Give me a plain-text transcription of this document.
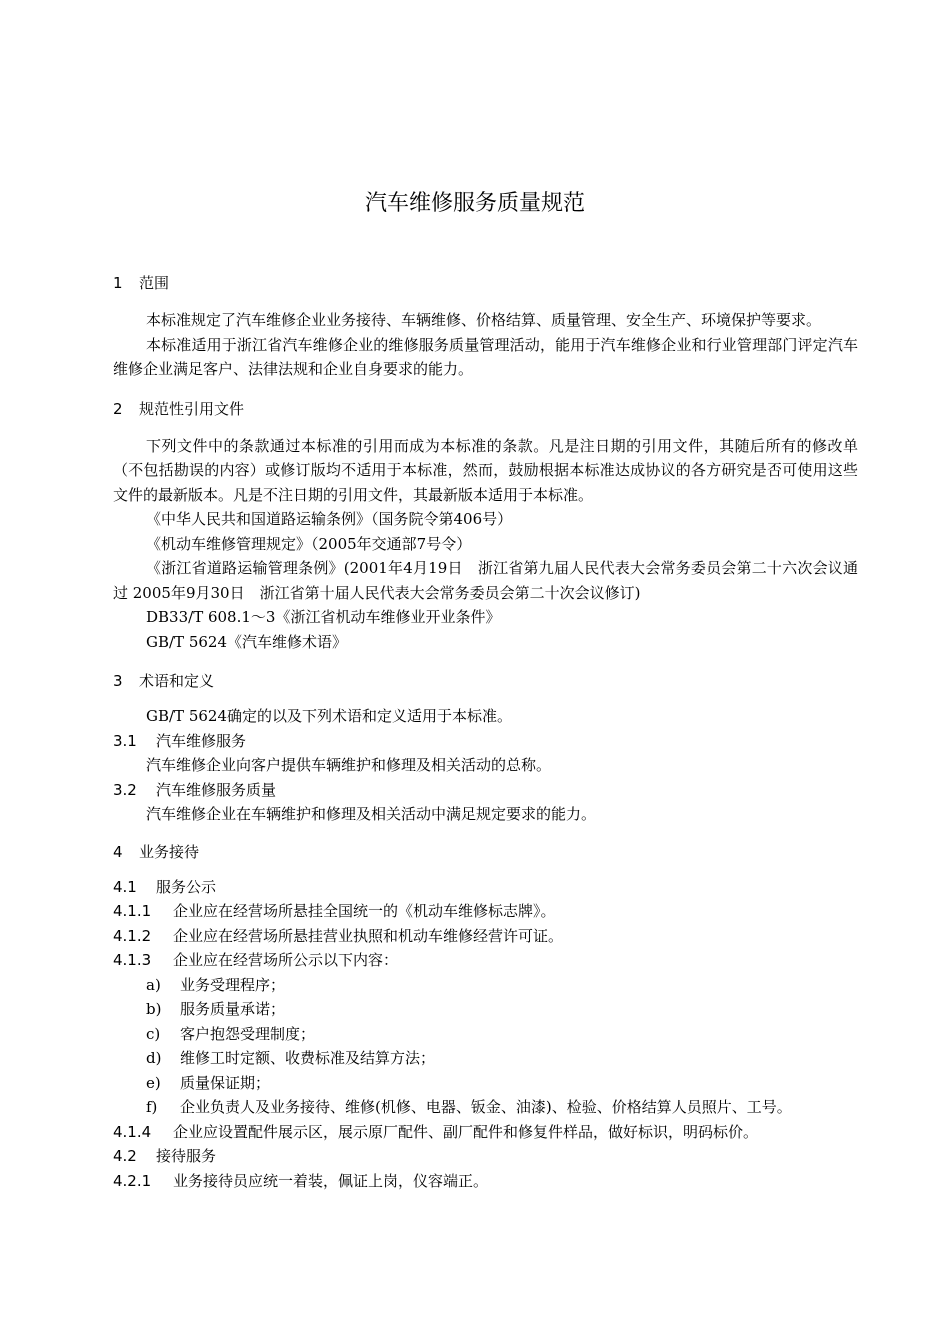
汽车维修服务质量规范
1 范围

本标准规定了汽车维修企业业务接待、车辆维修、价格结算、质量管理、安全生产、环境保护等要求。

本标准适用于浙江省汽车维修企业的维修服务质量管理活动，能用于汽车维修企业和行业管理部门评定汽车维修企业满足客户、法律法规和企业自身要求的能力。

2 规范性引用文件

下列文件中的条款通过本标准的引用而成为本标准的条款。凡是注日期的引用文件，其随后所有的修改单（不包括勘误的内容）或修订版均不适用于本标准，然而，鼓励根据本标准达成协议的各方研究是否可使用这些文件的最新版本。凡是不注日期的引用文件，其最新版本适用于本标准。

《中华人民共和国道路运输条例》（国务院令第406号）

《机动车维修管理规定》（2005年交通部7号令）

《浙江省道路运输管理条例》(2001年4月19日　浙江省第九届人民代表大会常务委员会第二十六次会议通过 2005年9月30日　浙江省第十届人民代表大会常务委员会第二十次会议修订)

DB33/T 608.1～3《浙江省机动车维修业开业条件》

GB/T 5624《汽车维修术语》

3 术语和定义

GB/T 5624确定的以及下列术语和定义适用于本标准。

3.1 汽车维修服务

汽车维修企业向客户提供车辆维护和修理及相关活动的总称。

3.2 汽车维修服务质量

汽车维修企业在车辆维护和修理及相关活动中满足规定要求的能力。

4 业务接待

4.1 服务公示

4.1.1 企业应在经营场所悬挂全国统一的《机动车维修标志牌》。

4.1.2 企业应在经营场所悬挂营业执照和机动车维修经营许可证。

4.1.3 企业应在经营场所公示以下内容：

a) 业务受理程序；

b) 服务质量承诺；

c) 客户抱怨受理制度；

d) 维修工时定额、收费标准及结算方法；

e) 质量保证期；

f) 企业负责人及业务接待、维修(机修、电器、钣金、油漆)、检验、价格结算人员照片、工号。

4.1.4 企业应设置配件展示区，展示原厂配件、副厂配件和修复件样品，做好标识，明码标价。

4.2 接待服务

4.2.1 业务接待员应统一着装，佩证上岗，仪容端正。
